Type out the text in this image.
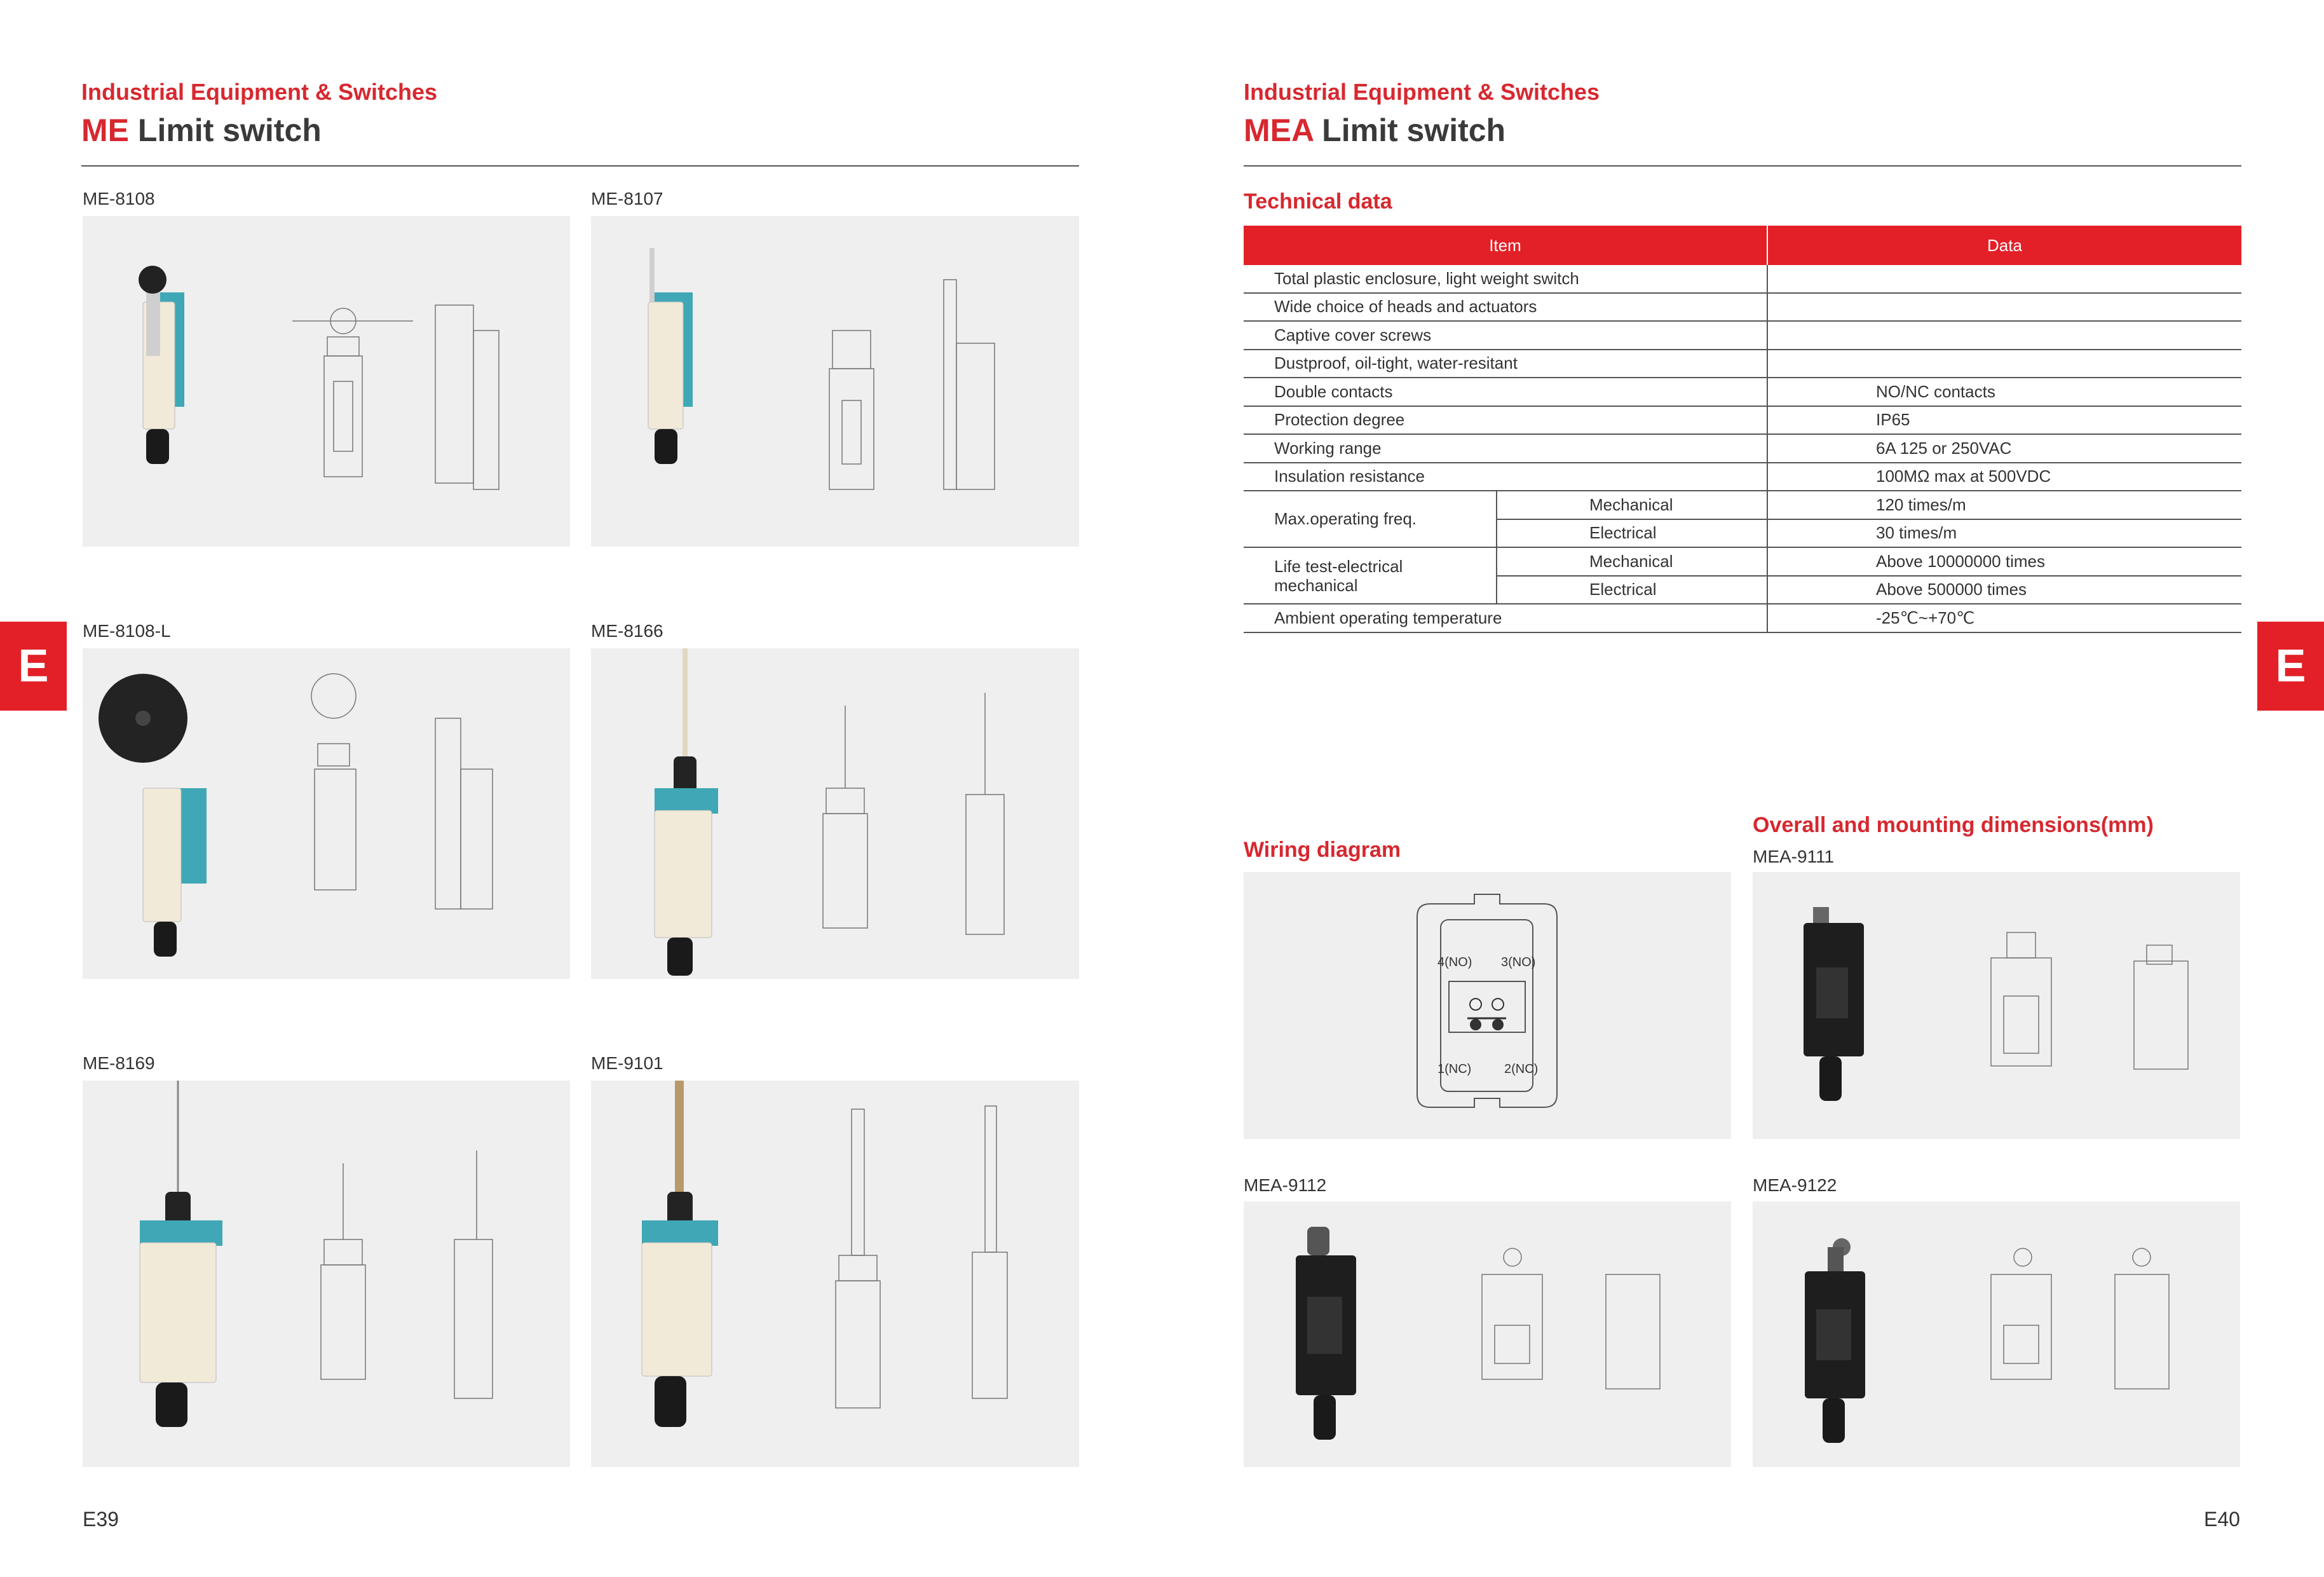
Industrial Equipment & Switches
ME Limit switch
ME-8108	ME-8107
ME-8108-L	ME-8166
ME-8169	ME-9101
E
E39
Industrial Equipment & Switches
MEA Limit switch
Technical data
Item		Data
Total plastic enclosure, light weight switch		
Wide choice of heads and actuators		
Captive cover screws		
Dustproof, oil-tight, water-resitant		
Double contacts		NO/NC contacts
Protection degree		IP65
Working range		6A 125 or 250VAC
Insulation resistance		100MΩ max at 500VDC
Max.operating freq.	Mechanical	120 times/m
	Electrical	30 times/m

Life test-electrical
mechanical	Mechanical	Above 10000000 times
	Electrical	Above 500000 times
Ambient operating temperature		-25℃~+70℃
Wiring diagram
4(NO) 3(NO)
1(NC)	2(NC)
Overall and mounting dimensions(mm)
MEA-9111
MEA-9112	MEA-9122
E
E40
